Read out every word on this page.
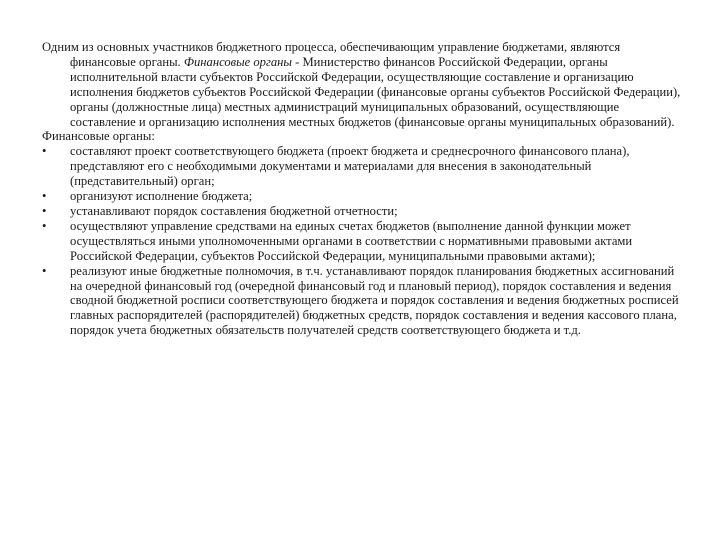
Одним из основных участников бюджетного процесса, обеспечивающим управление бюджетами, являются финансовые органы. Финансовые органы - Министерство финансов Российской Федерации, органы исполнительной власти субъектов Российской Федерации, осуществляющие составление и организацию исполнения бюджетов субъектов Российской Федерации (финансовые органы субъектов Российской Федерации), органы (должностные лица) местных администраций муниципальных образований, осуществляющие составление и организацию исполнения местных бюджетов (финансовые органы муниципальных образований).

Финансовые органы:

•	составляют проект соответствующего бюджета (проект бюджета и среднесрочного финансового плана), представляют его с необходимыми документами и материалами для внесения в законодательный (представительный) орган;
•	организуют исполнение бюджета;
•	устанавливают порядок составления бюджетной отчетности;
•	осуществляют управление средствами на единых счетах бюджетов (выполнение данной функции может осуществляться иными уполномоченными органами в соответствии с нормативными правовыми актами Российской Федерации, субъектов Российской Федерации, муниципальными правовыми актами);
•	реализуют иные бюджетные полномочия, в т.ч. устанавливают порядок планирования бюджетных ассигнований на очередной финансовый год (очередной финансовый год и плановый период), порядок составления и ведения сводной бюджетной росписи соответствующего бюджета и порядок составления и ведения бюджетных росписей главных распорядителей (распорядителей) бюджетных средств, порядок составления и ведения кассового плана, порядок учета бюджетных обязательств получателей средств соответствующего бюджета и т.д.
